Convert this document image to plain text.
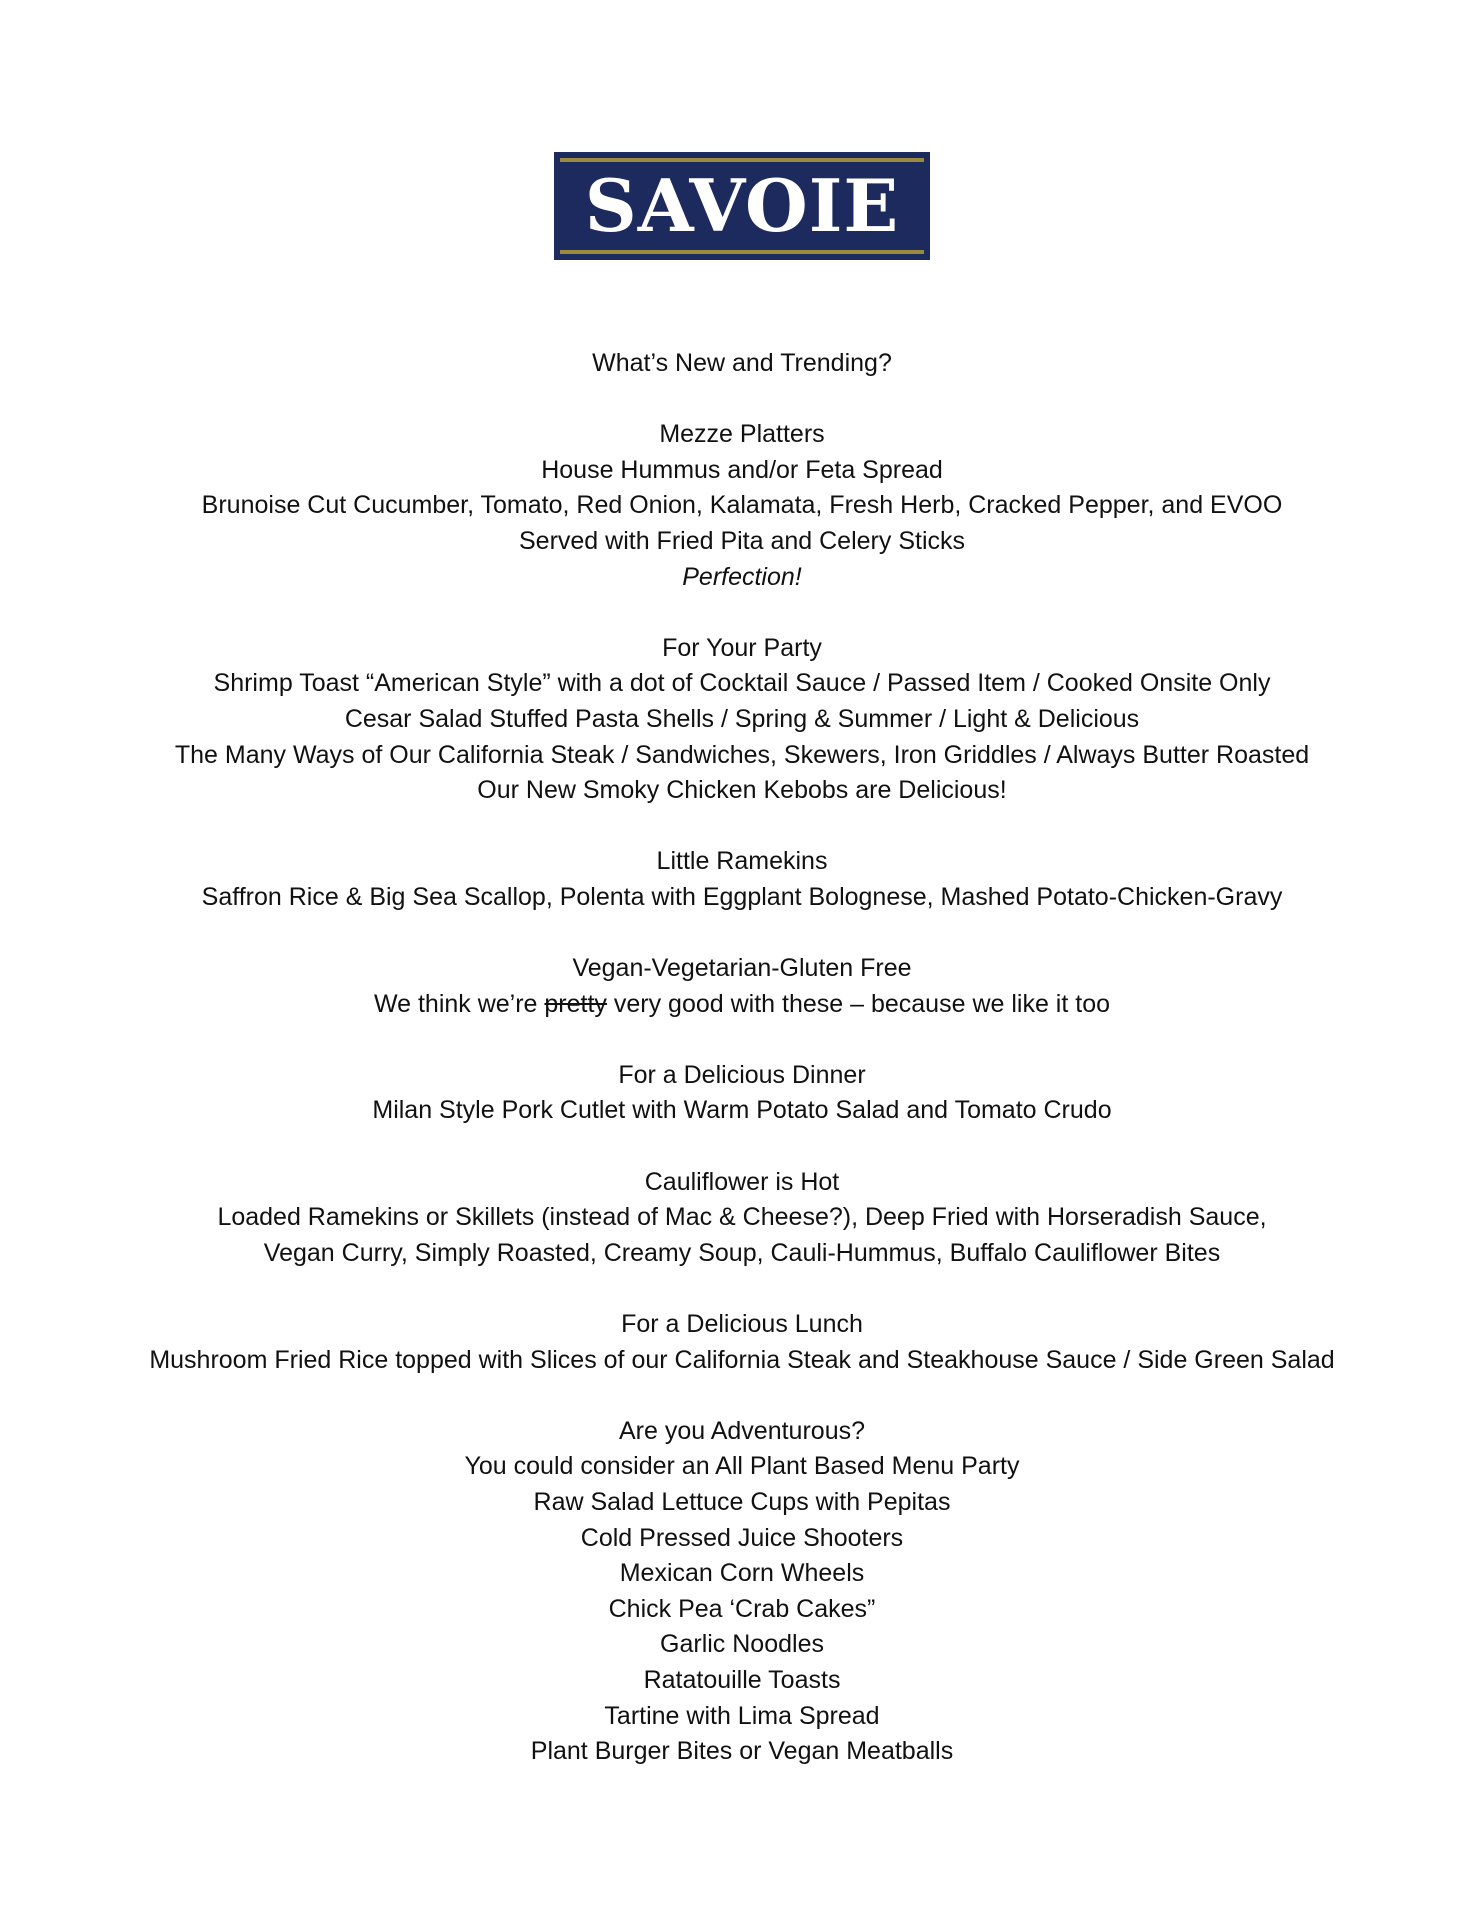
SAVOIE
What’s New and Trending?
Mezze Platters
House Hummus and/or Feta Spread
Brunoise Cut Cucumber, Tomato, Red Onion, Kalamata, Fresh Herb, Cracked Pepper, and EVOO
Served with Fried Pita and Celery Sticks
Perfection!
For Your Party
Shrimp Toast “American Style” with a dot of Cocktail Sauce / Passed Item / Cooked Onsite Only
Cesar Salad Stuffed Pasta Shells / Spring & Summer / Light & Delicious
The Many Ways of Our California Steak / Sandwiches, Skewers, Iron Griddles / Always Butter Roasted
Our New Smoky Chicken Kebobs are Delicious!
Little Ramekins
Saffron Rice & Big Sea Scallop, Polenta with Eggplant Bolognese, Mashed Potato-Chicken-Gravy
Vegan-Vegetarian-Gluten Free
We think we’re pretty very good with these – because we like it too
For a Delicious Dinner
Milan Style Pork Cutlet with Warm Potato Salad and Tomato Crudo
Cauliflower is Hot
Loaded Ramekins or Skillets (instead of Mac & Cheese?), Deep Fried with Horseradish Sauce,
Vegan Curry, Simply Roasted, Creamy Soup, Cauli-Hummus, Buffalo Cauliflower Bites
For a Delicious Lunch
Mushroom Fried Rice topped with Slices of our California Steak and Steakhouse Sauce / Side Green Salad
Are you Adventurous?
You could consider an All Plant Based Menu Party
Raw Salad Lettuce Cups with Pepitas
Cold Pressed Juice Shooters
Mexican Corn Wheels
Chick Pea ‘Crab Cakes”
Garlic Noodles
Ratatouille Toasts
Tartine with Lima Spread
Plant Burger Bites or Vegan Meatballs
